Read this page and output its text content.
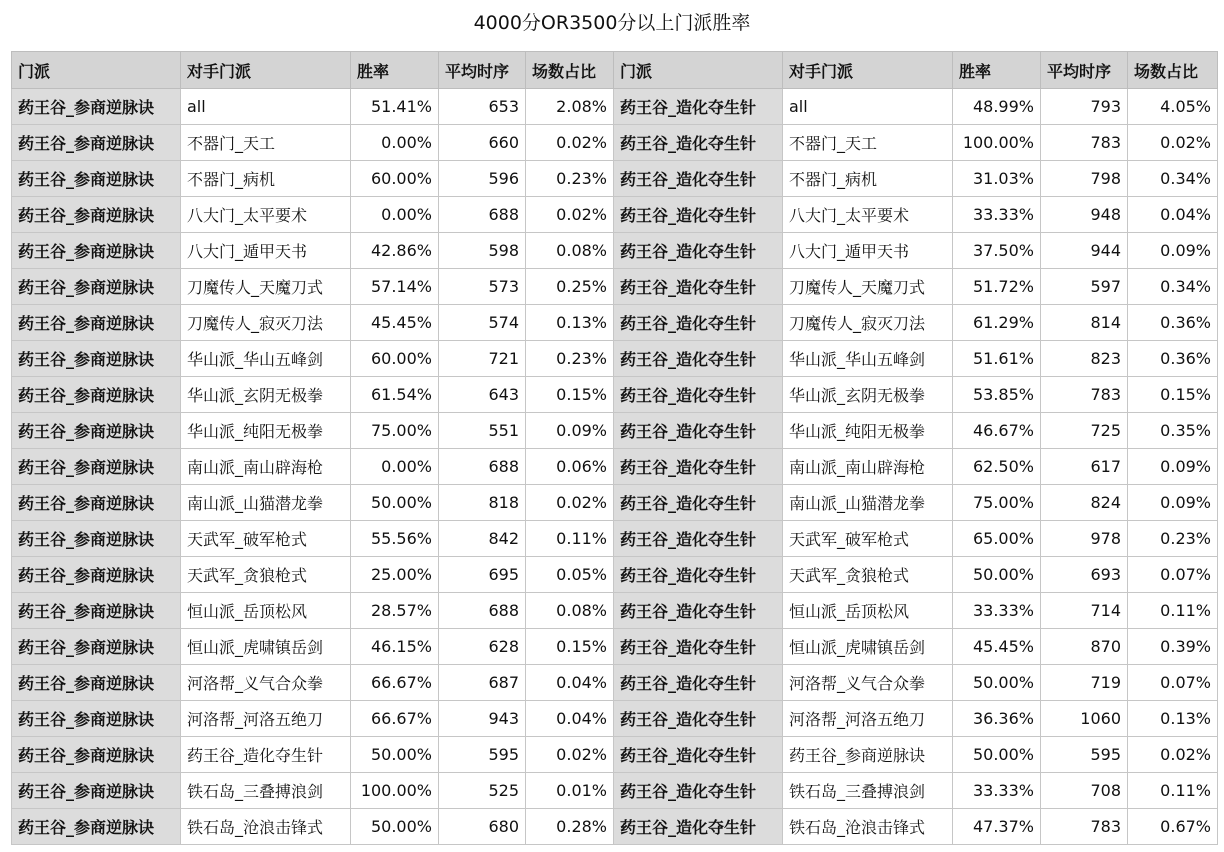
4000分OR3500分以上门派胜率
门派	对手门派	胜率	平均时序	场数占比	门派	对手门派	胜率	平均时序	场数占比
药王谷_参商逆脉诀	all	51.41%	653	2.08%	药王谷_造化夺生针	all	48.99%	793	4.05%
药王谷_参商逆脉诀	不器门_天工	0.00%	660	0.02%	药王谷_造化夺生针	不器门_天工	100.00%	783	0.02%
药王谷_参商逆脉诀	不器门_病机	60.00%	596	0.23%	药王谷_造化夺生针	不器门_病机	31.03%	798	0.34%
药王谷_参商逆脉诀	八大门_太平要术	0.00%	688	0.02%	药王谷_造化夺生针	八大门_太平要术	33.33%	948	0.04%
药王谷_参商逆脉诀	八大门_遁甲天书	42.86%	598	0.08%	药王谷_造化夺生针	八大门_遁甲天书	37.50%	944	0.09%
药王谷_参商逆脉诀	刀魔传人_天魔刀式	57.14%	573	0.25%	药王谷_造化夺生针	刀魔传人_天魔刀式	51.72%	597	0.34%
药王谷_参商逆脉诀	刀魔传人_寂灭刀法	45.45%	574	0.13%	药王谷_造化夺生针	刀魔传人_寂灭刀法	61.29%	814	0.36%
药王谷_参商逆脉诀	华山派_华山五峰剑	60.00%	721	0.23%	药王谷_造化夺生针	华山派_华山五峰剑	51.61%	823	0.36%
药王谷_参商逆脉诀	华山派_玄阴无极拳	61.54%	643	0.15%	药王谷_造化夺生针	华山派_玄阴无极拳	53.85%	783	0.15%
药王谷_参商逆脉诀	华山派_纯阳无极拳	75.00%	551	0.09%	药王谷_造化夺生针	华山派_纯阳无极拳	46.67%	725	0.35%
药王谷_参商逆脉诀	南山派_南山辟海枪	0.00%	688	0.06%	药王谷_造化夺生针	南山派_南山辟海枪	62.50%	617	0.09%
药王谷_参商逆脉诀	南山派_山猫潜龙拳	50.00%	818	0.02%	药王谷_造化夺生针	南山派_山猫潜龙拳	75.00%	824	0.09%
药王谷_参商逆脉诀	天武军_破军枪式	55.56%	842	0.11%	药王谷_造化夺生针	天武军_破军枪式	65.00%	978	0.23%
药王谷_参商逆脉诀	天武军_贪狼枪式	25.00%	695	0.05%	药王谷_造化夺生针	天武军_贪狼枪式	50.00%	693	0.07%
药王谷_参商逆脉诀	恒山派_岳顶松风	28.57%	688	0.08%	药王谷_造化夺生针	恒山派_岳顶松风	33.33%	714	0.11%
药王谷_参商逆脉诀	恒山派_虎啸镇岳剑	46.15%	628	0.15%	药王谷_造化夺生针	恒山派_虎啸镇岳剑	45.45%	870	0.39%
药王谷_参商逆脉诀	河洛帮_义气合众拳	66.67%	687	0.04%	药王谷_造化夺生针	河洛帮_义气合众拳	50.00%	719	0.07%
药王谷_参商逆脉诀	河洛帮_河洛五绝刀	66.67%	943	0.04%	药王谷_造化夺生针	河洛帮_河洛五绝刀	36.36%	1060	0.13%
药王谷_参商逆脉诀	药王谷_造化夺生针	50.00%	595	0.02%	药王谷_造化夺生针	药王谷_参商逆脉诀	50.00%	595	0.02%
药王谷_参商逆脉诀	铁石岛_三叠搏浪剑	100.00%	525	0.01%	药王谷_造化夺生针	铁石岛_三叠搏浪剑	33.33%	708	0.11%
药王谷_参商逆脉诀	铁石岛_沧浪击锋式	50.00%	680	0.28%	药王谷_造化夺生针	铁石岛_沧浪击锋式	47.37%	783	0.67%
